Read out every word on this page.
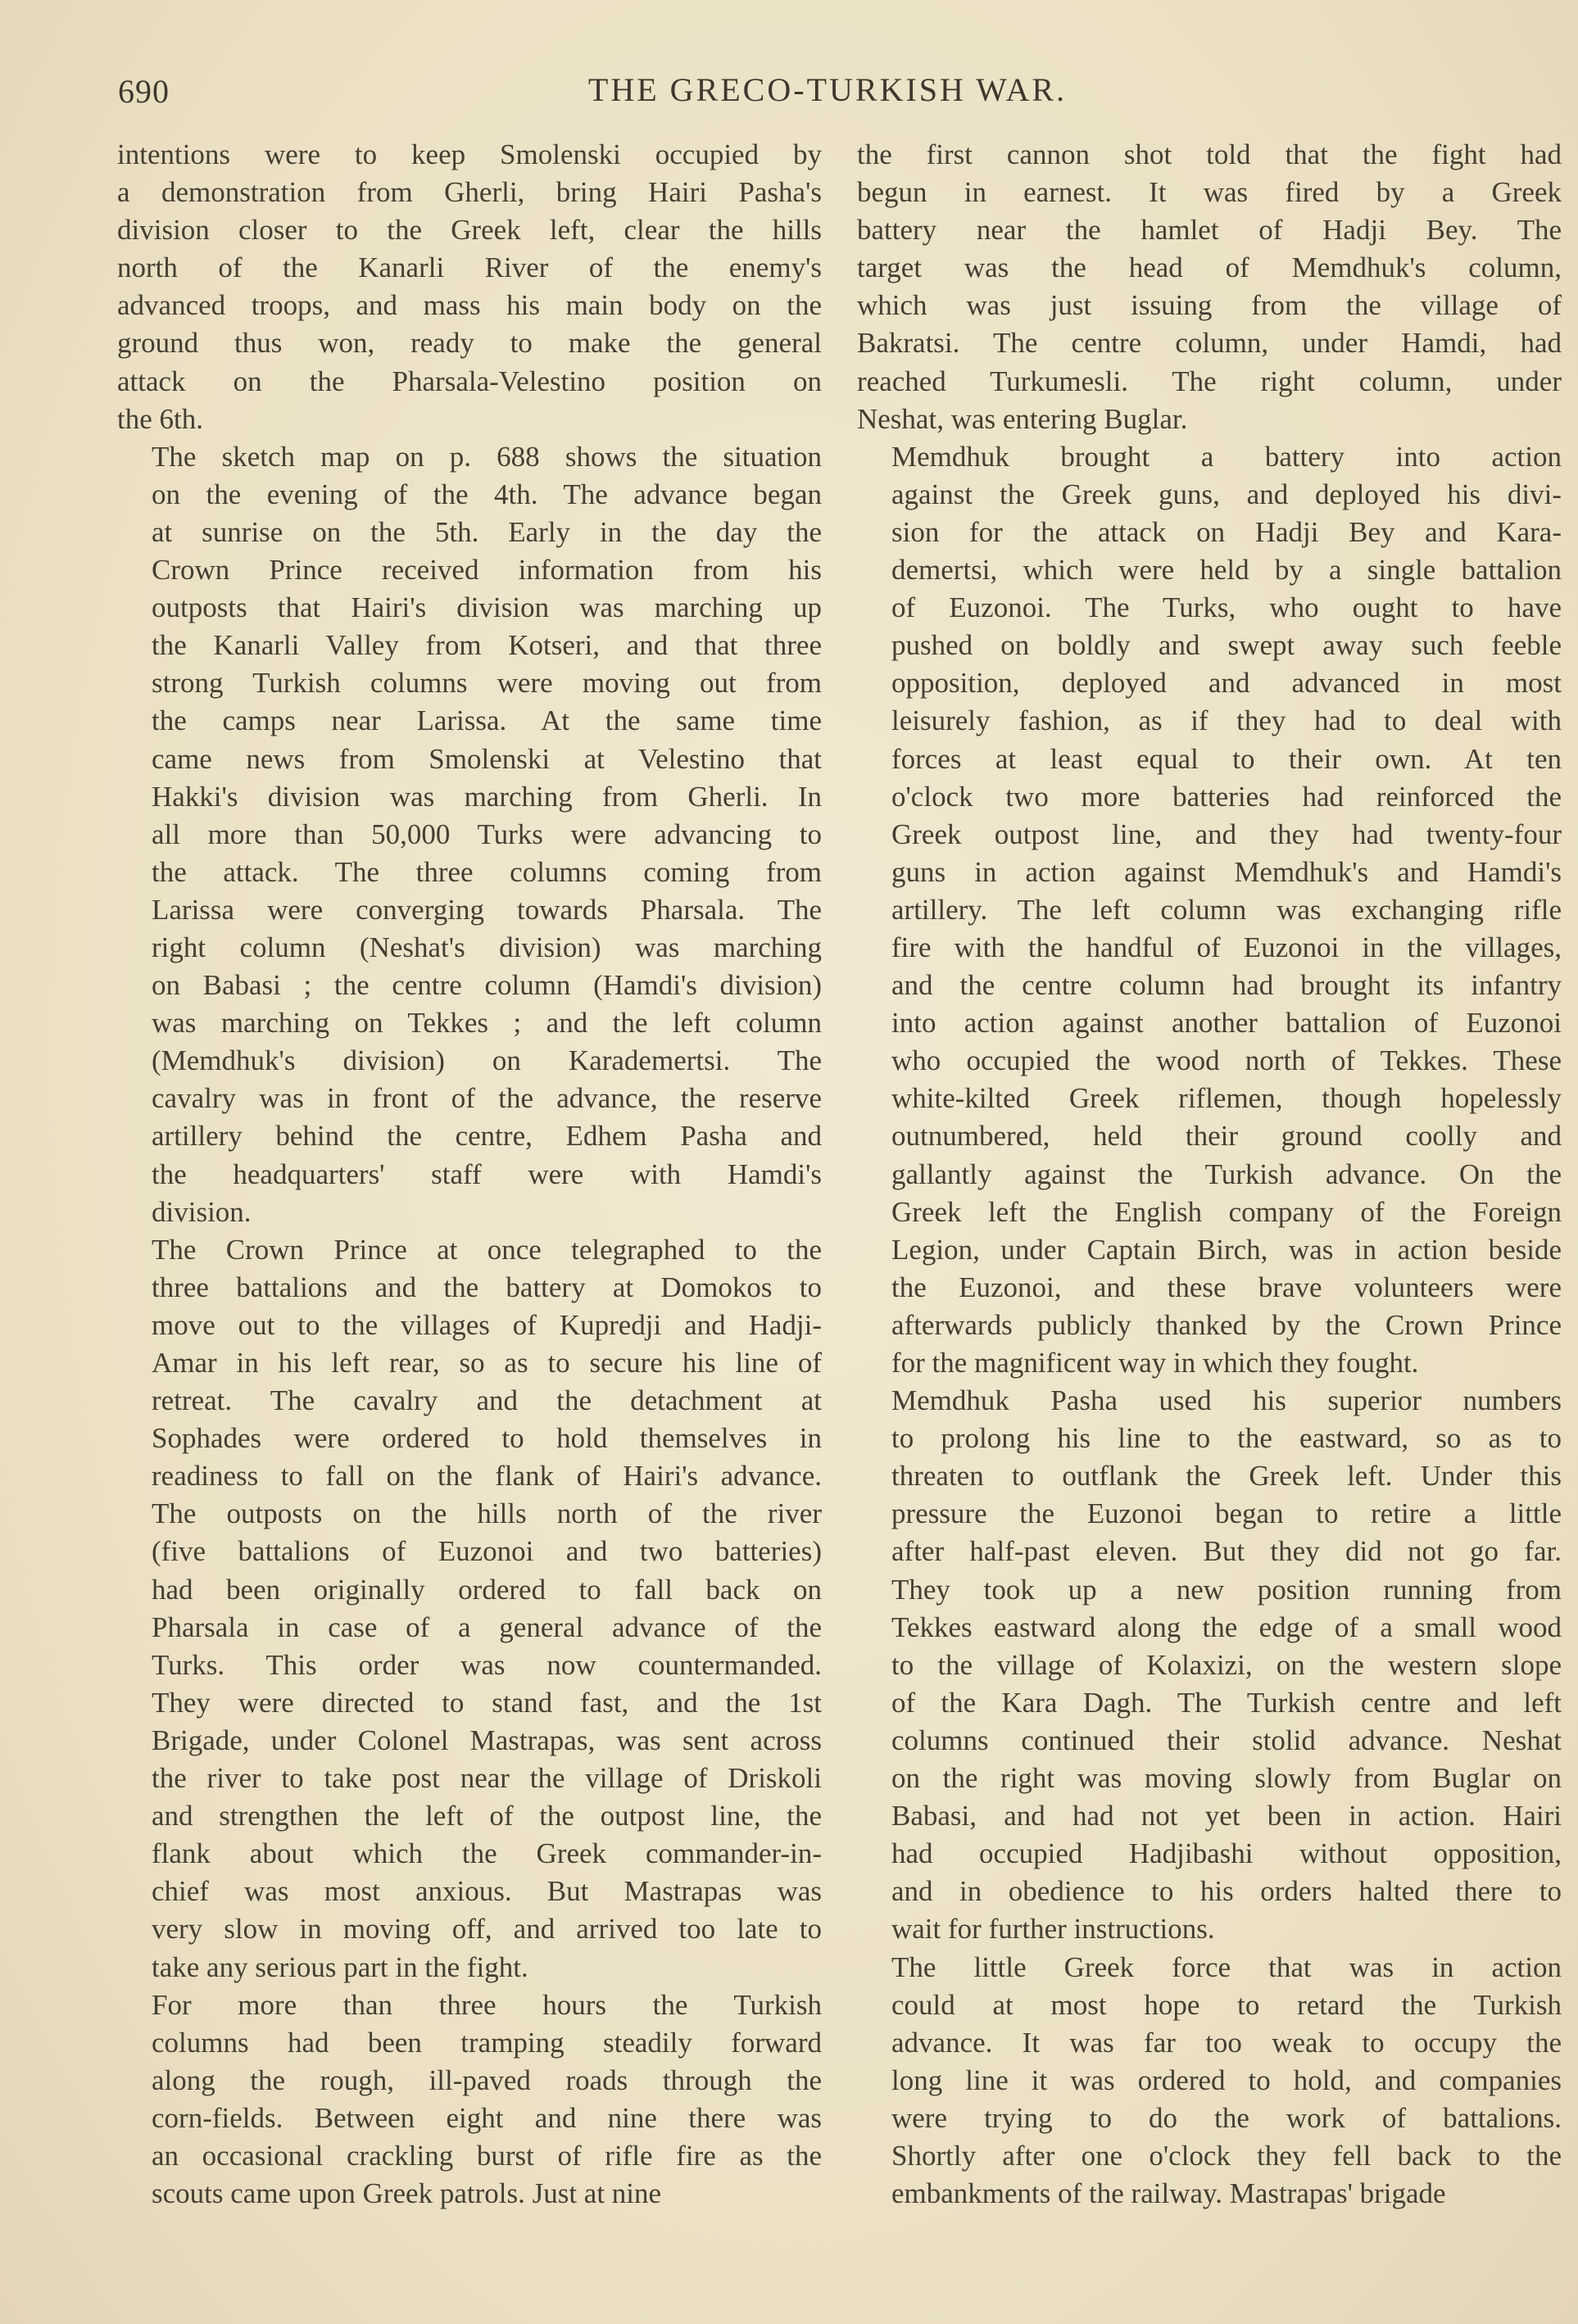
690	THE GRECO-TURKISH WAR.

intentions were to keep Smolenski occupied by
a demonstration from Gherli, bring Hairi Pasha's
division closer to the Greek left, clear the hills
north of the Kanarli River of the enemy's
advanced troops, and mass his main body on the
ground thus won, ready to make the general
attack on the Pharsala-Velestino position on
the 6th.

The sketch map on p. 688 shows the situation
on the evening of the 4th. The advance began
at sunrise on the 5th. Early in the day the
Crown Prince received information from his
outposts that Hairi's division was marching up
the Kanarli Valley from Kotseri, and that three
strong Turkish columns were moving out from
the camps near Larissa. At the same time
came news from Smolenski at Velestino that
Hakki's division was marching from Gherli. In
all more than 50,000 Turks were advancing to
the attack. The three columns coming from
Larissa were converging towards Pharsala. The
right column (Neshat's division) was marching
on Babasi ; the centre column (Hamdi's division)
was marching on Tekkes ; and the left column
(Memdhuk's division) on Karademertsi. The
cavalry was in front of the advance, the reserve
artillery behind the centre, Edhem Pasha and
the headquarters' staff were with Hamdi's
division.

The Crown Prince at once telegraphed to the
three battalions and the battery at Domokos to
move out to the villages of Kupredji and Hadji-
Amar in his left rear, so as to secure his line of
retreat. The cavalry and the detachment at
Sophades were ordered to hold themselves in
readiness to fall on the flank of Hairi's advance.
The outposts on the hills north of the river
(five battalions of Euzonoi and two batteries)
had been originally ordered to fall back on
Pharsala in case of a general advance of the
Turks. This order was now countermanded.
They were directed to stand fast, and the 1st
Brigade, under Colonel Mastrapas, was sent across
the river to take post near the village of Driskoli
and strengthen the left of the outpost line, the
flank about which the Greek commander-in-
chief was most anxious. But Mastrapas was
very slow in moving off, and arrived too late to
take any serious part in the fight.

For more than three hours the Turkish
columns had been tramping steadily forward
along the rough, ill-paved roads through the
corn-fields. Between eight and nine there was
an occasional crackling burst of rifle fire as the
scouts came upon Greek patrols. Just at nine

the first cannon shot told that the fight had
begun in earnest. It was fired by a Greek
battery near the hamlet of Hadji Bey. The
target was the head of Memdhuk's column,
which was just issuing from the village of
Bakratsi. The centre column, under Hamdi, had
reached Turkumesli. The right column, under
Neshat, was entering Buglar.

Memdhuk brought a battery into action
against the Greek guns, and deployed his divi-
sion for the attack on Hadji Bey and Kara-
demertsi, which were held by a single battalion
of Euzonoi. The Turks, who ought to have
pushed on boldly and swept away such feeble
opposition, deployed and advanced in most
leisurely fashion, as if they had to deal with
forces at least equal to their own. At ten
o'clock two more batteries had reinforced the
Greek outpost line, and they had twenty-four
guns in action against Memdhuk's and Hamdi's
artillery. The left column was exchanging rifle
fire with the handful of Euzonoi in the villages,
and the centre column had brought its infantry
into action against another battalion of Euzonoi
who occupied the wood north of Tekkes. These
white-kilted Greek riflemen, though hopelessly
outnumbered, held their ground coolly and
gallantly against the Turkish advance. On the
Greek left the English company of the Foreign
Legion, under Captain Birch, was in action beside
the Euzonoi, and these brave volunteers were
afterwards publicly thanked by the Crown Prince
for the magnificent way in which they fought.

Memdhuk Pasha used his superior numbers
to prolong his line to the eastward, so as to
threaten to outflank the Greek left. Under this
pressure the Euzonoi began to retire a little
after half-past eleven. But they did not go far.
They took up a new position running from
Tekkes eastward along the edge of a small wood
to the village of Kolaxizi, on the western slope
of the Kara Dagh. The Turkish centre and left
columns continued their stolid advance. Neshat
on the right was moving slowly from Buglar on
Babasi, and had not yet been in action. Hairi
had occupied Hadjibashi without opposition,
and in obedience to his orders halted there to
wait for further instructions.

The little Greek force that was in action
could at most hope to retard the Turkish
advance. It was far too weak to occupy the
long line it was ordered to hold, and companies
were trying to do the work of battalions.
Shortly after one o'clock they fell back to the
embankments of the railway. Mastrapas' brigade
